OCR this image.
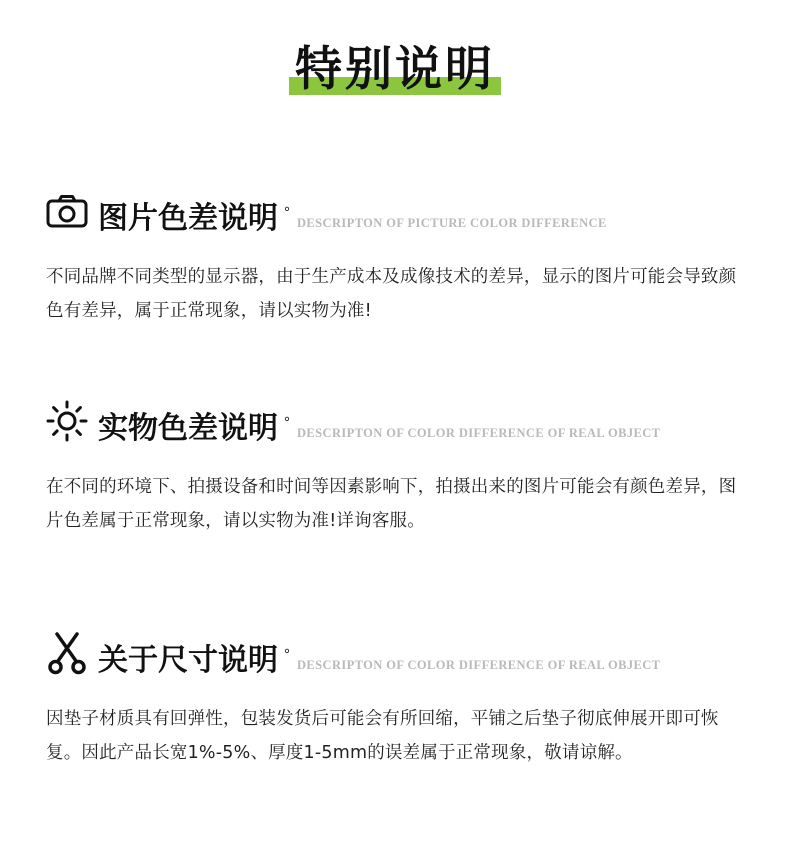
特别说明
图片色差说明 °
DESCRIPTON OF PICTURE COLOR DIFFERENCE

不同品牌不同类型的显示器，由于生产成本及成像技术的差异，显示的图片可能会导致颜色有差异，属于正常现象，请以实物为准!

实物色差说明 °
DESCRIPTON OF COLOR DIFFERENCE OF REAL OBJECT

在不同的环境下、拍摄设备和时间等因素影响下，拍摄出来的图片可能会有颜色差异，图片色差属于正常现象，请以实物为准!详询客服。

关于尺寸说明 °
DESCRIPTON OF COLOR DIFFERENCE OF REAL OBJECT

因垫子材质具有回弹性，包装发货后可能会有所回缩，平铺之后垫子彻底伸展开即可恢复。因此产品长宽1%-5%、厚度1-5mm的误差属于正常现象，敬请谅解。
